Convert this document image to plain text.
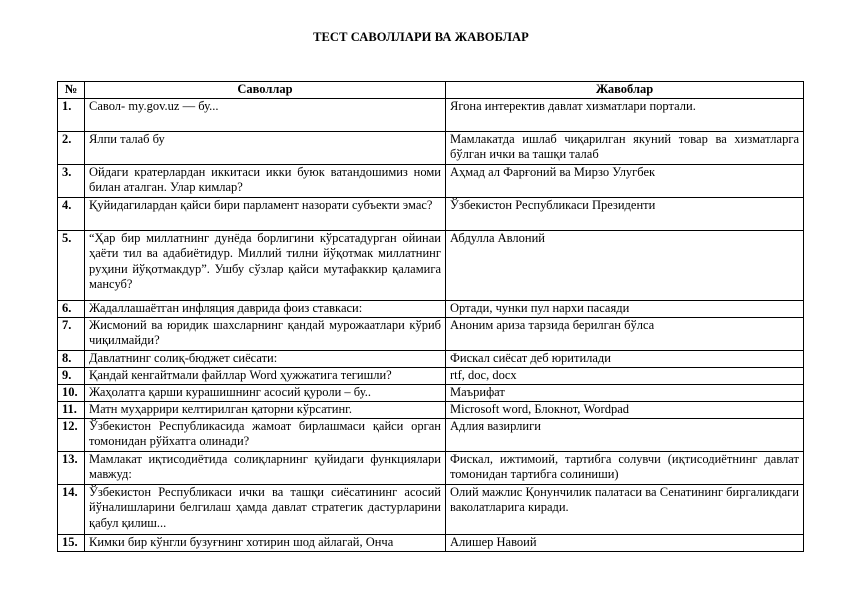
ТЕСТ САВОЛЛАРИ ВА ЖАВОБЛАР
№	Саволлар	Жавоблар
1.	Савол- my.gov.uz — бу...	Ягона интеректив давлат хизматлари портали.
2.	Ялпи талаб бу	Мамлакатда ишлаб чиқарилган якуний товар ва хизматларга бўлган ички ва ташқи талаб
3.	Ойдаги кратерлардан иккитаси икки буюк ватандошимиз номи билан аталган. Улар кимлар?	Аҳмад ал Фарғоний ва Мирзо Улугбек
4.	Қуйидагилардан қайси бири парламент назорати субъекти эмас?	Ўзбекистон Республикаси Президенти
5.	“Ҳар бир миллатнинг дунёда борлигини кўрсатадурган ойинаи ҳаёти тил ва адабиётидур. Миллий тилни йўқотмак миллатнинг руҳини йўқотмакдур”. Ушбу сўзлар қайси мутафаккир қаламига мансуб?	Абдулла Авлоний
6.	Жадаллашаётган инфляция даврида фоиз ставкаси:	Ортади, чунки пул нархи пасаяди
7.	Жисмоний ва юридик шахсларнинг қандай мурожаатлари кўриб чиқилмайди?	Аноним ариза тарзида берилган бўлса
8.	Давлатнинг солиқ-бюджет сиёсати:	Фискал сиёсат деб юритилади
9.	Қандай кенгайтмали файллар Word ҳужжатига тегишли?	rtf, doc, docx
10.	Жаҳолатга қарши курашишнинг асосий қуроли – бу..	Маърифат
11.	Матн муҳаррири келтирилган қаторни кўрсатинг.	Microsoft word, Блокнот, Wordpad
12.	Ўзбекистон Республикасида жамоат бирлашмаси қайси орган томонидан рўйхатга олинади?	Адлия вазирлиги
13.	Мамлакат иқтисодиётида солиқларнинг қуйидаги функциялари мавжуд:	Фискал, ижтимоий, тартибга солувчи (иқтисодиётнинг давлат томонидан тартибга солиниши)
14.	Ўзбекистон Республикаси ички ва ташқи сиёсатининг асосий йўналишларини белгилаш ҳамда давлат стратегик дастурларини қабул қилиш...	Олий мажлис Қонунчилик палатаси ва Сенатининг биргаликдаги ваколатларига киради.
15.	Кимки бир кўнгли бузуғнинг хотирин шод айлагай, Онча	Алишер Навоий
